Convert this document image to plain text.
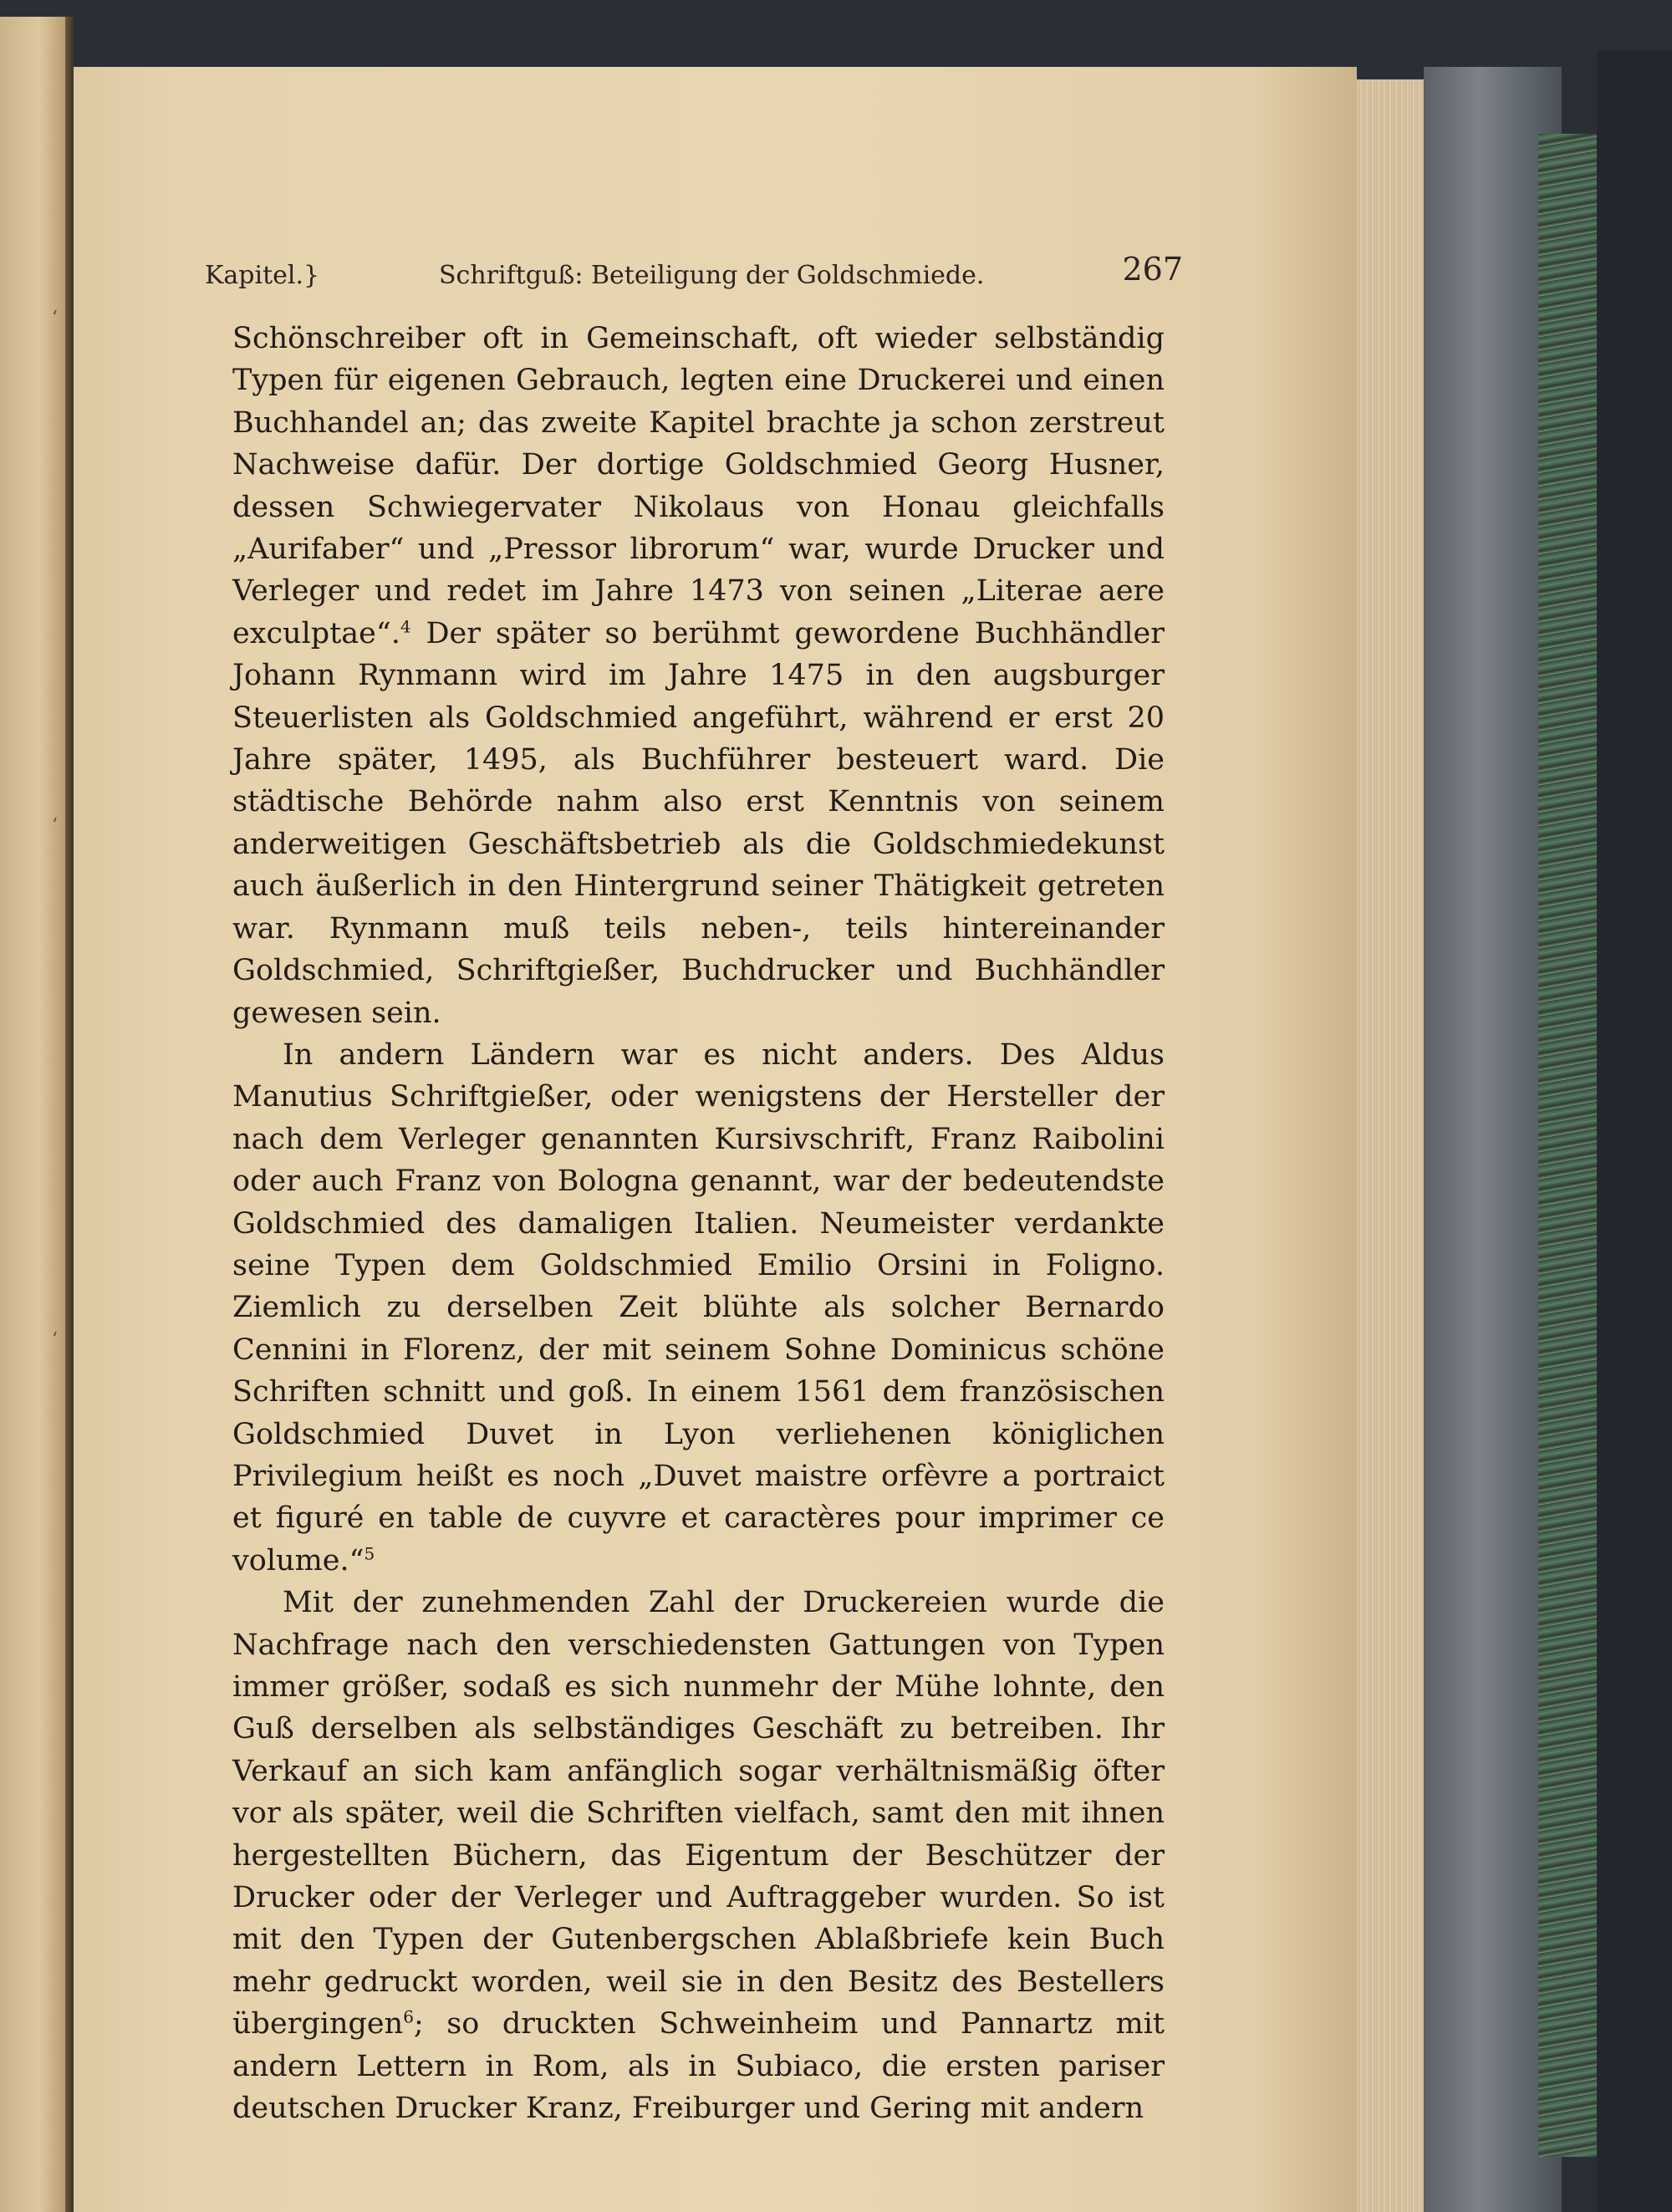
ʻ
ʻ
ʻ
Kapitel.}	Schriftguß: Beteiligung der Goldschmiede.	267

Schönschreiber oft in Gemeinschaft, oft wieder selbständig Typen für eigenen Gebrauch, legten eine Druckerei und einen Buchhandel an; das zweite Kapitel brachte ja schon zerstreut Nachweise dafür. Der dortige Goldschmied Georg Husner, dessen Schwiegervater Nikolaus von Honau gleichfalls „Aurifaber“ und „Pressor librorum“ war, wurde Drucker und Verleger und redet im Jahre 1473 von seinen „Literae aere exculptae“.$^4$ Der später so berühmt gewordene Buchhändler Johann Rynmann wird im Jahre 1475 in den augsburger Steuerlisten als Goldschmied angeführt, während er erst 20 Jahre später, 1495, als Buchführer besteuert ward. Die städtische Behörde nahm also erst Kenntnis von seinem anderweitigen Geschäftsbetrieb als die Goldschmiedekunst auch äußerlich in den Hintergrund seiner Thätigkeit getreten war. Rynmann muß teils neben-, teils hintereinander Goldschmied, Schriftgießer, Buchdrucker und Buchhändler gewesen sein.

In andern Ländern war es nicht anders. Des Aldus Manutius Schriftgießer, oder wenigstens der Hersteller der nach dem Verleger genannten Kursivschrift, Franz Raibolini oder auch Franz von Bologna genannt, war der bedeutendste Goldschmied des damaligen Italien. Neumeister verdankte seine Typen dem Goldschmied Emilio Orsini in Foligno. Ziemlich zu derselben Zeit blühte als solcher Bernardo Cennini in Florenz, der mit seinem Sohne Dominicus schöne Schriften schnitt und goß. In einem 1561 dem französischen Goldschmied Duvet in Lyon verliehenen königlichen Privilegium heißt es noch „Duvet maistre orfèvre a portraict et figuré en table de cuyvre et caractères pour imprimer ce volume.“$^5$

Mit der zunehmenden Zahl der Druckereien wurde die Nachfrage nach den verschiedensten Gattungen von Typen immer größer, sodaß es sich nunmehr der Mühe lohnte, den Guß derselben als selbständiges Geschäft zu betreiben. Ihr Verkauf an sich kam anfänglich sogar verhältnismäßig öfter vor als später, weil die Schriften vielfach, samt den mit ihnen hergestellten Büchern, das Eigentum der Beschützer der Drucker oder der Verleger und Auftraggeber wurden. So ist mit den Typen der Gutenbergschen Ablaßbriefe kein Buch mehr gedruckt worden, weil sie in den Besitz des Bestellers übergingen$^6$; so druckten Schweinheim und Pannartz mit andern Lettern in Rom, als in Subiaco, die ersten pariser deutschen Drucker Kranz, Freiburger und Gering mit andern
